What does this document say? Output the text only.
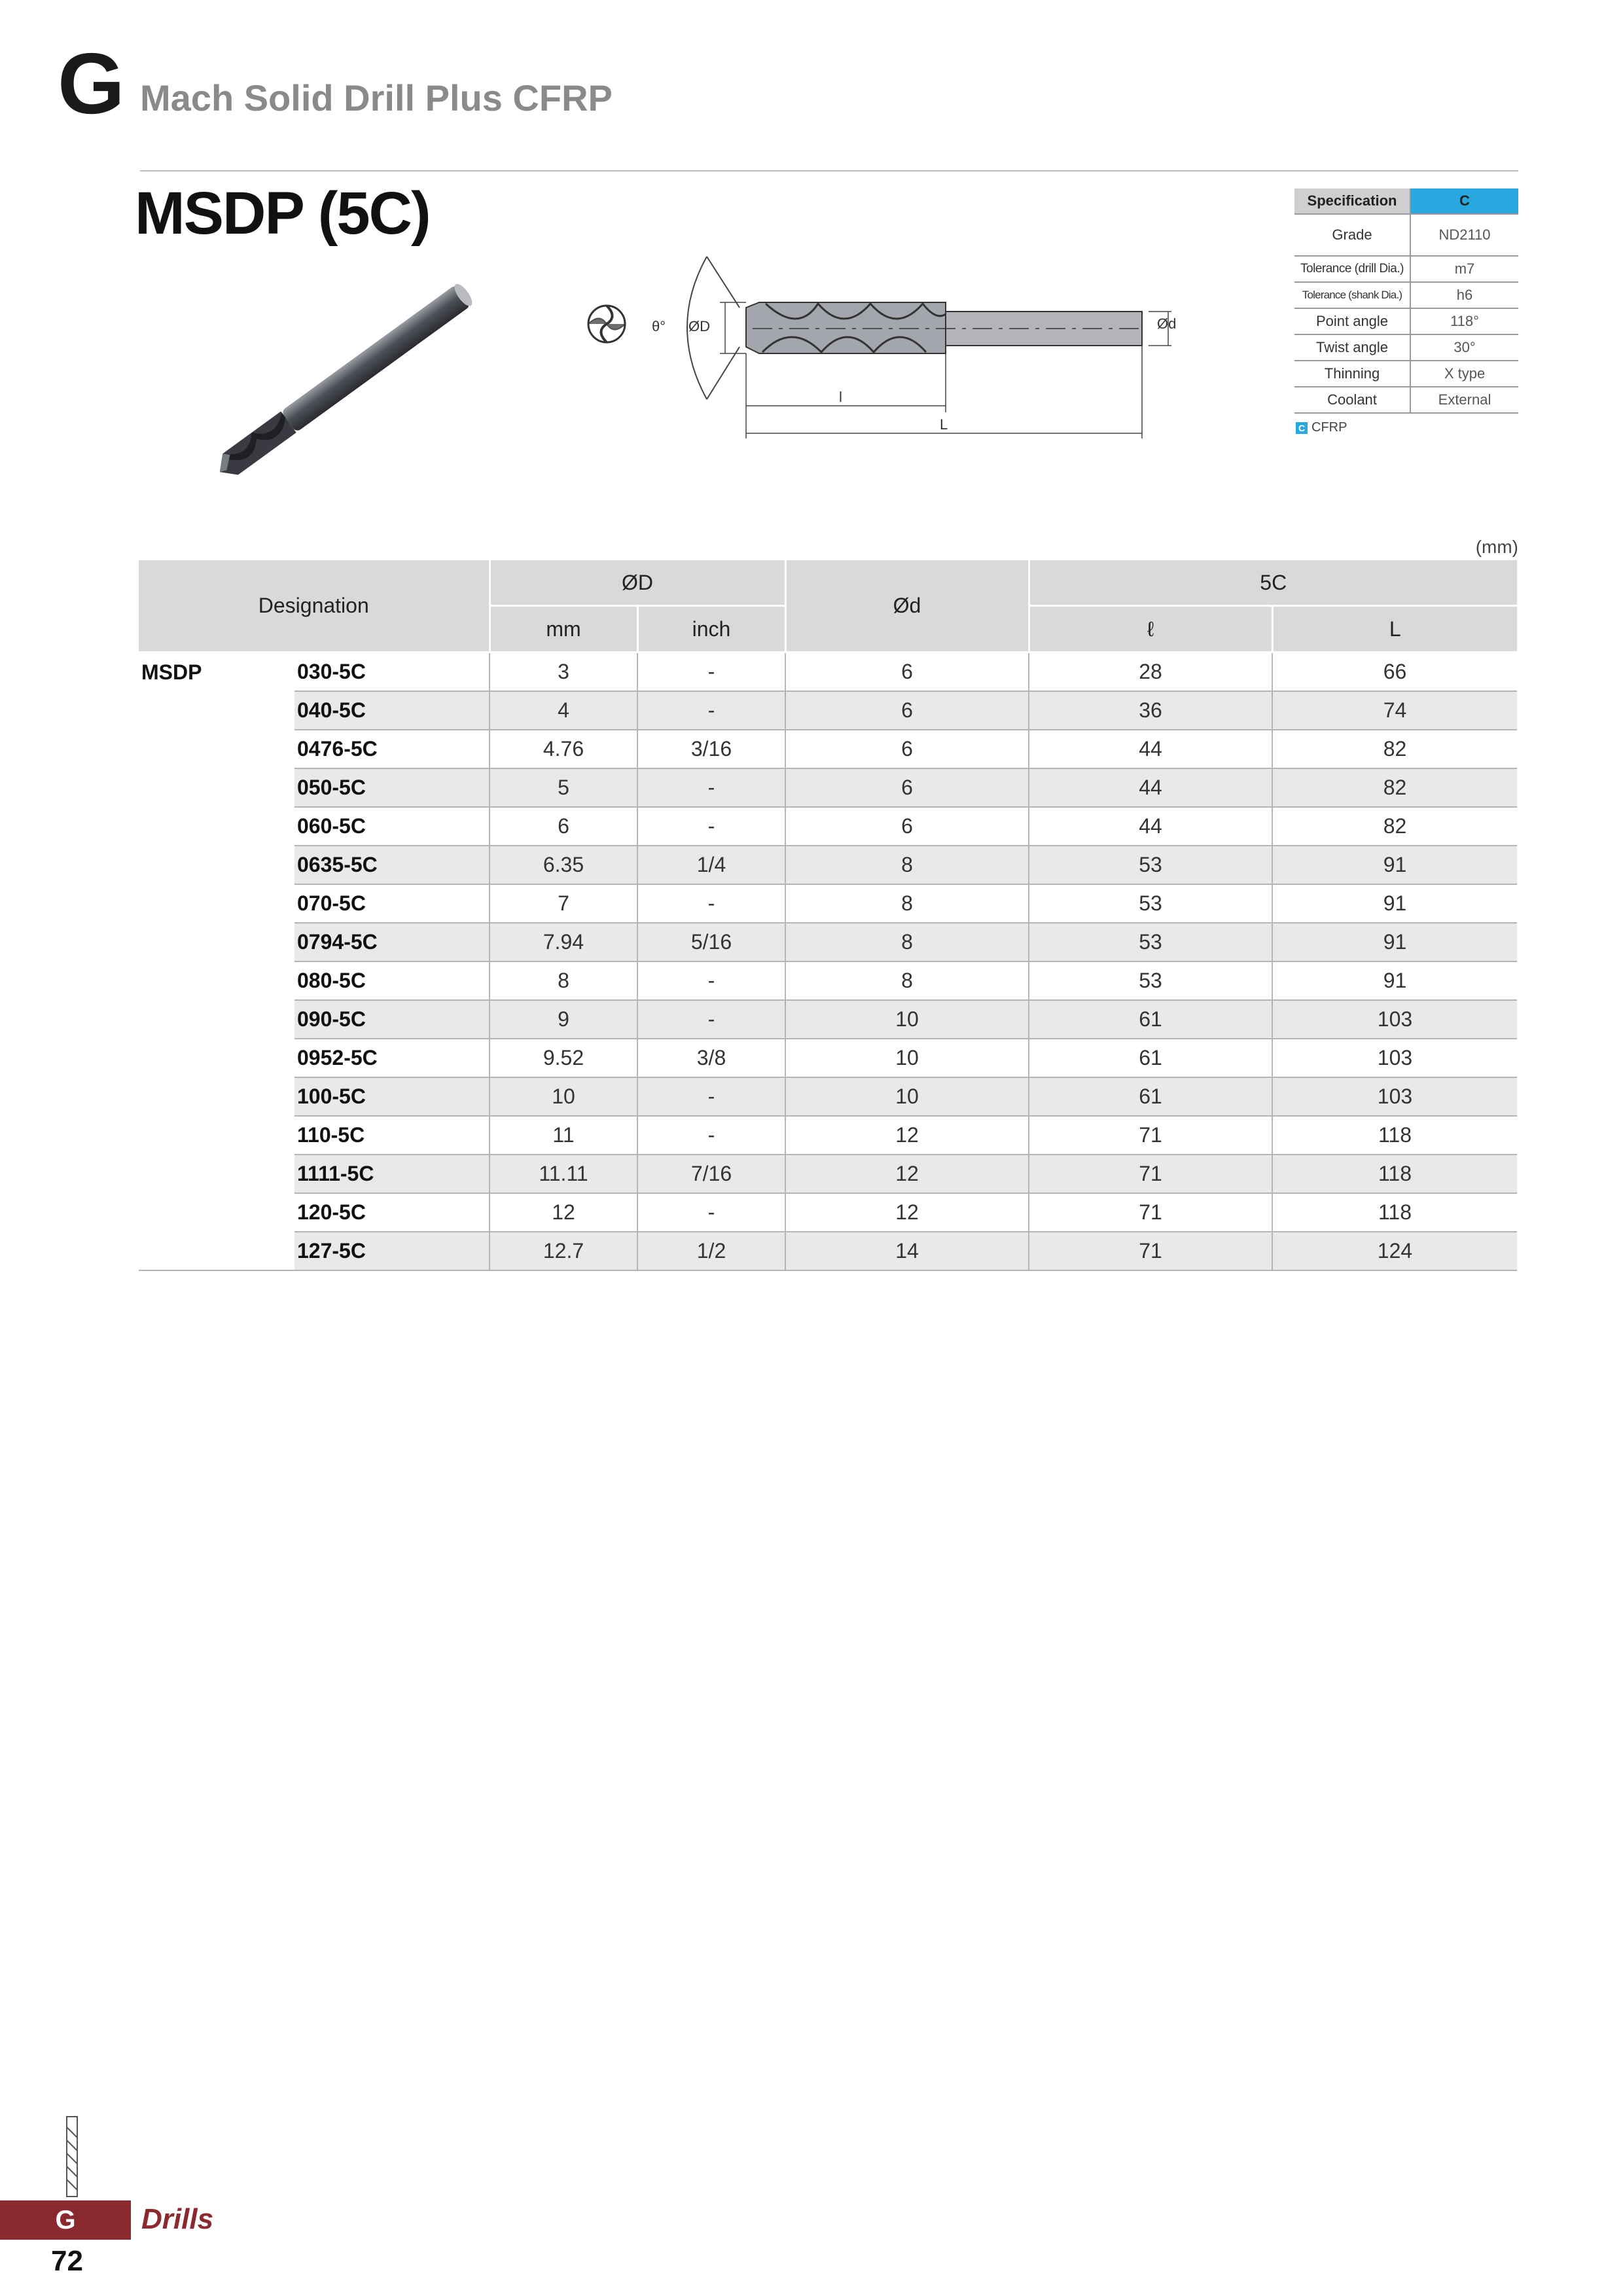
G Mach Solid Drill Plus CFRP
MSDP (5C)
θ° ØD	Ød
l
L
Specification	C
Grade	ND2110
Tolerance (drill Dia.)	m7
Tolerance (shank Dia.)	h6
Point angle	118°
Twist angle	30°
Thinning	X type
Coolant	External
C CFRP
(mm)
Designation		ØD		Ød	5C	
		mm	inch		ℓ	L
MSDP	030-5C	3	-	6	28	66
	040-5C	4	-	6	36	74
	0476-5C	4.76	3/16	6	44	82
	050-5C	5	-	6	44	82
	060-5C	6	-	6	44	82
	0635-5C	6.35	1/4	8	53	91
	070-5C	7	-	8	53	91
	0794-5C	7.94	5/16	8	53	91
	080-5C	8	-	8	53	91
	090-5C	9	-	10	61	103
	0952-5C	9.52	3/8	10	61	103
	100-5C	10	-	10	61	103
	110-5C	11	-	12	71	118
	1111-5C	11.11	7/16	12	71	118
	120-5C	12	-	12	71	118
	127-5C	12.7	1/2	14	71	124
G	Drills
72
